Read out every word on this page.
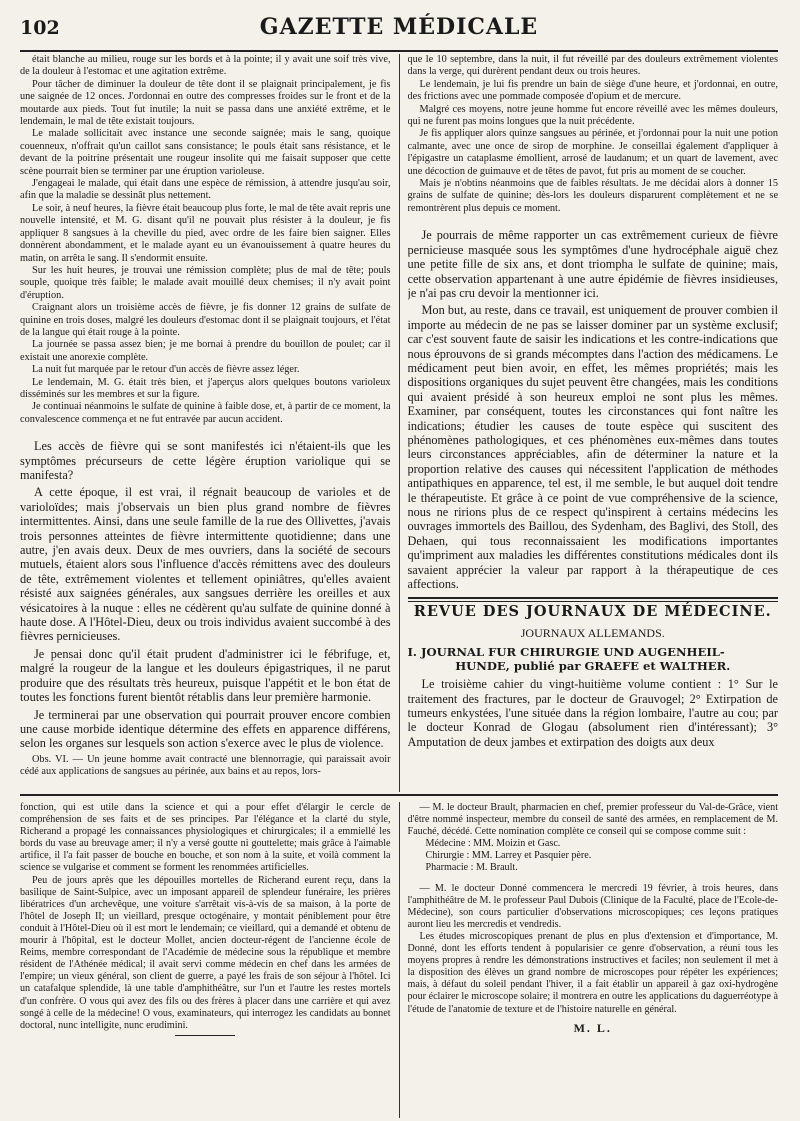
102	GAZETTE MÉDICALE

était blanche au milieu, rouge sur les bords et à la pointe; il y avait une soif très vive, de la douleur à l'estomac et une agitation extrême.

Pour tâcher de diminuer la douleur de tête dont il se plaignait principalement, je fis une saignée de 12 onces. J'ordonnai en outre des compresses froides sur le front et de la moutarde aux pieds. Tout fut inutile; la nuit se passa dans une anxiété extrême, et le lendemain, le mal de tête existait toujours.

Le malade sollicitait avec instance une seconde saignée; mais le sang, quoique couenneux, n'offrait qu'un caillot sans consistance; le pouls était sans résistance, et le devant de la poitrine présentait une rougeur insolite qui me faisait supposer que cette scène pourrait bien se terminer par une éruption varioleuse.

J'engageai le malade, qui était dans une espèce de rémission, à attendre jusqu'au soir, afin que la maladie se dessinât plus nettement.

Le soir, à neuf heures, la fièvre était beaucoup plus forte, le mal de tête avait repris une nouvelle intensité, et M. G. disant qu'il ne pouvait plus résister à la douleur, je fis appliquer 8 sangsues à la cheville du pied, avec ordre de les faire bien saigner. Elles donnèrent abondamment, et le malade ayant eu un évanouissement à quatre heures du matin, on arrêta le sang. Il s'endormit ensuite.

Sur les huit heures, je trouvai une rémission complète; plus de mal de tête; pouls souple, quoique très faible; le malade avait mouillé deux chemises; il n'y avait point d'éruption.

Craignant alors un troisième accès de fièvre, je fis donner 12 grains de sulfate de quinine en trois doses, malgré les douleurs d'estomac dont il se plaignait toujours, et l'état de la langue qui était rouge à la pointe.

La journée se passa assez bien; je me bornai à prendre du bouillon de poulet; car il existait une anorexie complète.

La nuit fut marquée par le retour d'un accès de fièvre assez léger.

Le lendemain, M. G. était très bien, et j'aperçus alors quelques boutons varioleux disséminés sur les membres et sur la figure.

Je continuai néanmoins le sulfate de quinine à faible dose, et, à partir de ce moment, la convalescence commença et ne fut entravée par aucun accident.

Les accès de fièvre qui se sont manifestés ici n'étaient-ils que les symptômes précurseurs de cette légère éruption variolique qui se manifesta?

A cette époque, il est vrai, il régnait beaucoup de varioles et de varioloïdes; mais j'observais un bien plus grand nombre de fièvres intermittentes. Ainsi, dans une seule famille de la rue des Ollivettes, j'avais trois personnes atteintes de fièvre intermittente quotidienne; dans une autre, j'en avais deux. Deux de mes ouvriers, dans la société de secours mutuels, étaient alors sous l'influence d'accès rémittens avec des douleurs de tête, extrêmement violentes et tellement opiniâtres, qu'elles avaient résisté aux saignées générales, aux sangsues derrière les oreilles et aux vésicatoires à la nuque : elles ne cédèrent qu'au sulfate de quinine donné à haute dose. A l'Hôtel-Dieu, deux ou trois individus avaient succombé à des fièvres pernicieuses.

Je pensai donc qu'il était prudent d'administrer ici le fébrifuge, et, malgré la rougeur de la langue et les douleurs épigastriques, il ne parut produire que des résultats très heureux, puisque l'appétit et le bon état de toutes les fonctions furent bientôt rétablis dans leur première harmonie.

Je terminerai par une observation qui pourrait prouver encore combien une cause morbide identique détermine des effets en apparence différens, selon les organes sur lesquels son action s'exerce avec le plus de violence.

Obs. VI. — Un jeune homme avait contracté une blennorragie, qui paraissait avoir cédé aux applications de sangsues au périnée, aux bains et au repos, lors-

que le 10 septembre, dans la nuit, il fut réveillé par des douleurs extrêmement violentes dans la verge, qui durèrent pendant deux ou trois heures.

Le lendemain, je lui fis prendre un bain de siège d'une heure, et j'ordonnai, en outre, des frictions avec une pommade composée d'opium et de mercure.

Malgré ces moyens, notre jeune homme fut encore réveillé avec les mêmes douleurs, qui ne furent pas moins longues que la nuit précédente.

Je fis appliquer alors quinze sangsues au périnée, et j'ordonnai pour la nuit une potion calmante, avec une once de sirop de morphine. Je conseillai également d'appliquer à l'épigastre un cataplasme émollient, arrosé de laudanum; et un quart de lavement, avec une décoction de guimauve et de têtes de pavot, fut pris au moment de se coucher.

Mais je n'obtins néanmoins que de faibles résultats. Je me décidai alors à donner 15 grains de sulfate de quinine; dès-lors les douleurs disparurent complètement et ne se remontrèrent plus depuis ce moment.

Je pourrais de même rapporter un cas extrêmement curieux de fièvre pernicieuse masquée sous les symptômes d'une hydrocéphale aiguë chez une petite fille de six ans, et dont triompha le sulfate de quinine; mais, cette observation appartenant à une autre épidémie de fièvres insidieuses, je n'ai pas cru devoir la mentionner ici.

Mon but, au reste, dans ce travail, est uniquement de prouver combien il importe au médecin de ne pas se laisser dominer par un système exclusif; car c'est souvent faute de saisir les indications et les contre-indications que nous éprouvons de si grands mécomptes dans l'action des médicamens. Le médicament peut bien avoir, en effet, les mêmes propriétés; mais les dispositions organiques du sujet peuvent être changées, mais les conditions qui avaient présidé à son heureux emploi ne sont plus les mêmes. Examiner, par conséquent, toutes les circonstances qui font naître les indications; étudier les causes de toute espèce qui suscitent des phénomènes pathologiques, et ces phénomènes eux-mêmes dans toutes leurs circonstances appréciables, afin de déterminer la nature et la proportion relative des causes qui nécessitent l'application de méthodes antipathiques en apparence, tel est, il me semble, le but auquel doit tendre le thérapeutiste. Et grâce à ce point de vue compréhensive de la science, nous ne ririons plus de ce respect qu'inspirent à certains médecins les ouvrages immortels des Baillou, des Sydenham, des Baglivi, des Stoll, des Dehaen, qui tous reconnaissaient les modifications importantes qu'impriment aux maladies les différentes constitutions médicales dont ils savaient apprécier la valeur par rapport à la thérapeutique de ces affections.

REVUE DES JOURNAUX DE MÉDECINE.
JOURNAUX ALLEMANDS.
I. JOURNAL FUR CHIRURGIE UND AUGENHEIL-
HUNDE, publié par GRAEFE et WALTHER.

Le troisième cahier du vingt-huitième volume contient : 1° Sur le traitement des fractures, par le docteur de Grauvogel; 2° Extirpation de tumeurs enkystées, l'une située dans la région lombaire, l'autre au cou; par le docteur Konrad de Glogau (absolument rien d'intéressant); 3° Amputation de deux jambes et extirpation des doigts aux deux

fonction, qui est utile dans la science et qui a pour effet d'élargir le cercle de compréhension de ses faits et de ses principes. Par l'élégance et la clarté du style, Richerand a propagé les connaissances physiologiques et chirurgicales; il a emmiellé les bords du vase au breuvage amer; il n'y a versé goutte ni gouttelette; mais grâce à l'aimable artifice, il l'a fait passer de bouche en bouche, et son nom à la suite, et voilà comment la science se vulgarise et comment se forment les renommées artificielles.

Peu de jours après que les dépouilles mortelles de Richerand eurent reçu, dans la basilique de Saint-Sulpice, avec un imposant appareil de splendeur funéraire, les prières libératrices d'un archevêque, une voiture s'arrêtait vis-à-vis de sa maison, à la porte de l'hôtel de Joseph II; un vieillard, presque octogénaire, y montait péniblement pour être conduit à l'Hôtel-Dieu où il est mort le lendemain; ce vieillard, qui a demandé et obtenu de mourir à l'hôpital, est le docteur Mollet, ancien docteur-régent de l'ancienne école de Reims, membre correspondant de l'Académie de médecine sous la république et membre résident de l'Athénée médical; il avait servi comme médecin en chef dans les armées de l'empire; un vieux général, son client de guerre, a payé les frais de son séjour à l'hôtel. Ici un catafalque splendide, là une table d'amphithéâtre, sur l'un et l'autre les restes mortels d'un confrère. O vous qui avez des fils ou des frères à placer dans une carrière et qui avez songé à celle de la médecine! O vous, examinateurs, qui interrogez les candidats au bonnet doctoral, nunc intelligite, nunc erudimini.

— M. le docteur Brault, pharmacien en chef, premier professeur du Val-de-Grâce, vient d'être nommé inspecteur, membre du conseil de santé des armées, en remplacement de M. Fauché, décédé. Cette nomination complète ce conseil qui se compose comme suit :

Médecine : MM. Moizin et Gasc.

Chirurgie : MM. Larrey et Pasquier père.

Pharmacie : M. Brault.

— M. le docteur Donné commencera le mercredi 19 février, à trois heures, dans l'amphithéâtre de M. le professeur Paul Dubois (Clinique de la Faculté, place de l'Ecole-de-Médecine), son cours particulier d'observations microscopiques; ces leçons pratiques auront lieu les mercredis et vendredis.

Les études microscopiques prenant de plus en plus d'extension et d'importance, M. Donné, dont les efforts tendent à popularisier ce genre d'observation, a réuni tous les moyens propres à rendre les démonstrations instructives et faciles; non seulement il met à la disposition des élèves un grand nombre de microscopes pour répéter les expériences; mais, à défaut du soleil pendant l'hiver, il a fait établir un appareil à gaz oxi-hydrogène pour éclairer le microscope solaire; il montrera en outre les applications du daguerréotype à l'étude de l'anatomie de texture et de l'histoire naturelle en général.

M. L.
